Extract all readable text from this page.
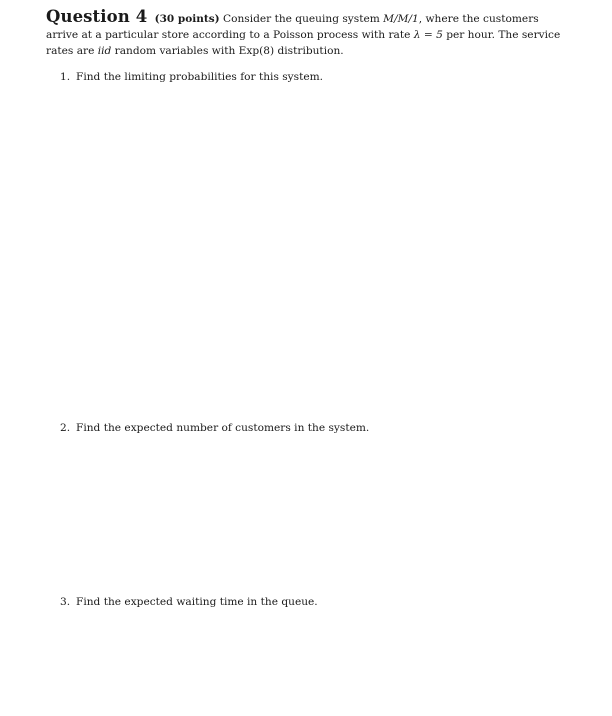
Question 4 (30 points) Consider the queuing system M/M/1, where the customers
arrive at a particular store according to a Poisson process with rate λ = 5 per hour. The service
rates are iid random variables with Exp(8) distribution.
1. Find the limiting probabilities for this system.
2. Find the expected number of customers in the system.
3. Find the expected waiting time in the queue.
